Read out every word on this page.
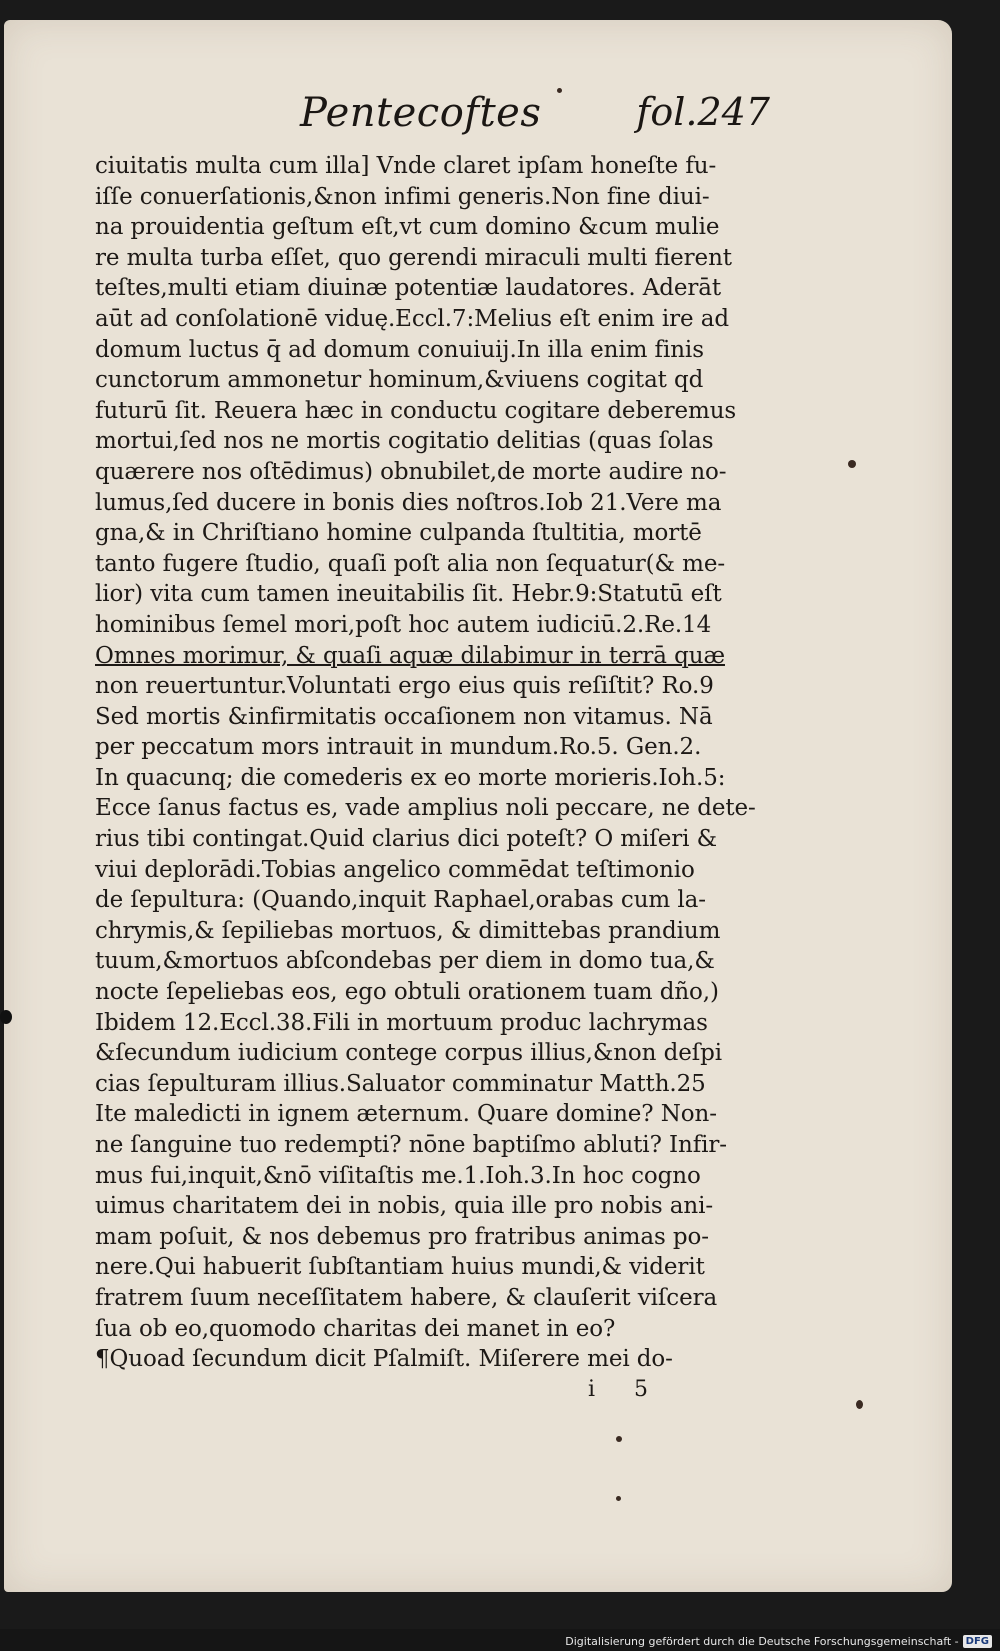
Pentecoftes fol.247
ciuitatis multa cum illa] Vnde claret ipſam honeſte fu-
iſſe conuerſationis,&non infimi generis.Non fine diui-
na prouidentia geſtum eſt,vt cum domino &cum mulie
re multa turba eſſet, quo gerendi miraculi multi fierent
teſtes,multi etiam diuinæ potentiæ laudatores. Aderāt
aūt ad conſolationē viduę.Eccl.7:Melius eſt enim ire ad
domum luctus q̄ ad domum conuiuij.In illa enim finis
cunctorum ammonetur hominum,&viuens cogitat qd
futurū ſit. Reuera hæc in conductu cogitare deberemus
mortui,ſed nos ne mortis cogitatio delitias (quas ſolas
quærere nos oſtēdimus) obnubilet,de morte audire no-
lumus,ſed ducere in bonis dies noſtros.Iob 21.Vere ma
gna,& in Chriſtiano homine culpanda ſtultitia, mortē
tanto fugere ſtudio, quaſi poſt alia non ſequatur(& me-
lior) vita cum tamen ineuitabilis ſit. Hebr.9:Statutū eſt
hominibus ſemel mori,poſt hoc autem iudiciū.2.Re.14
Omnes morimur, & quaſi aquæ dilabimur in terrā quæ
non reuertuntur.Voluntati ergo eius quis reſiſtit? Ro.9
Sed mortis &infirmitatis occaſionem non vitamus. Nā
per peccatum mors intrauit in mundum.Ro.5. Gen.2.
In quacunq; die comederis ex eo morte morieris.Ioh.5:
Ecce ſanus factus es, vade amplius noli peccare, ne dete-
rius tibi contingat.Quid clarius dici poteſt? O miſeri &
viui deplorādi.Tobias angelico commēdat teſtimonio
de ſepultura: (Quando,inquit Raphael,orabas cum la-
chrymis,& ſepiliebas mortuos, & dimittebas prandium
tuum,&mortuos abſcondebas per diem in domo tua,&
nocte ſepeliebas eos, ego obtuli orationem tuam dño,)
Ibidem 12.Eccl.38.Fili in mortuum produc lachrymas
&ſecundum iudicium contege corpus illius,&non deſpi
cias ſepulturam illius.Saluator comminatur Matth.25
Ite maledicti in ignem æternum. Quare domine? Non-
ne ſanguine tuo redempti? nōne baptiſmo abluti? Infir-
mus fui,inquit,&nō viſitaſtis me.1.Ioh.3.In hoc cogno
uimus charitatem dei in nobis, quia ille pro nobis ani-
mam poſuit, & nos debemus pro fratribus animas po-
nere.Qui habuerit ſubſtantiam huius mundi,& viderit
fratrem ſuum neceſſitatem habere, & clauſerit viſcera
ſua ob eo,quomodo charitas dei manet in eo?
¶Quoad ſecundum dicit Pſalmiſt. Miſerere mei do-
i 5
Digitalisierung gefördert durch die Deutsche Forschungsgemeinschaft - DFG
